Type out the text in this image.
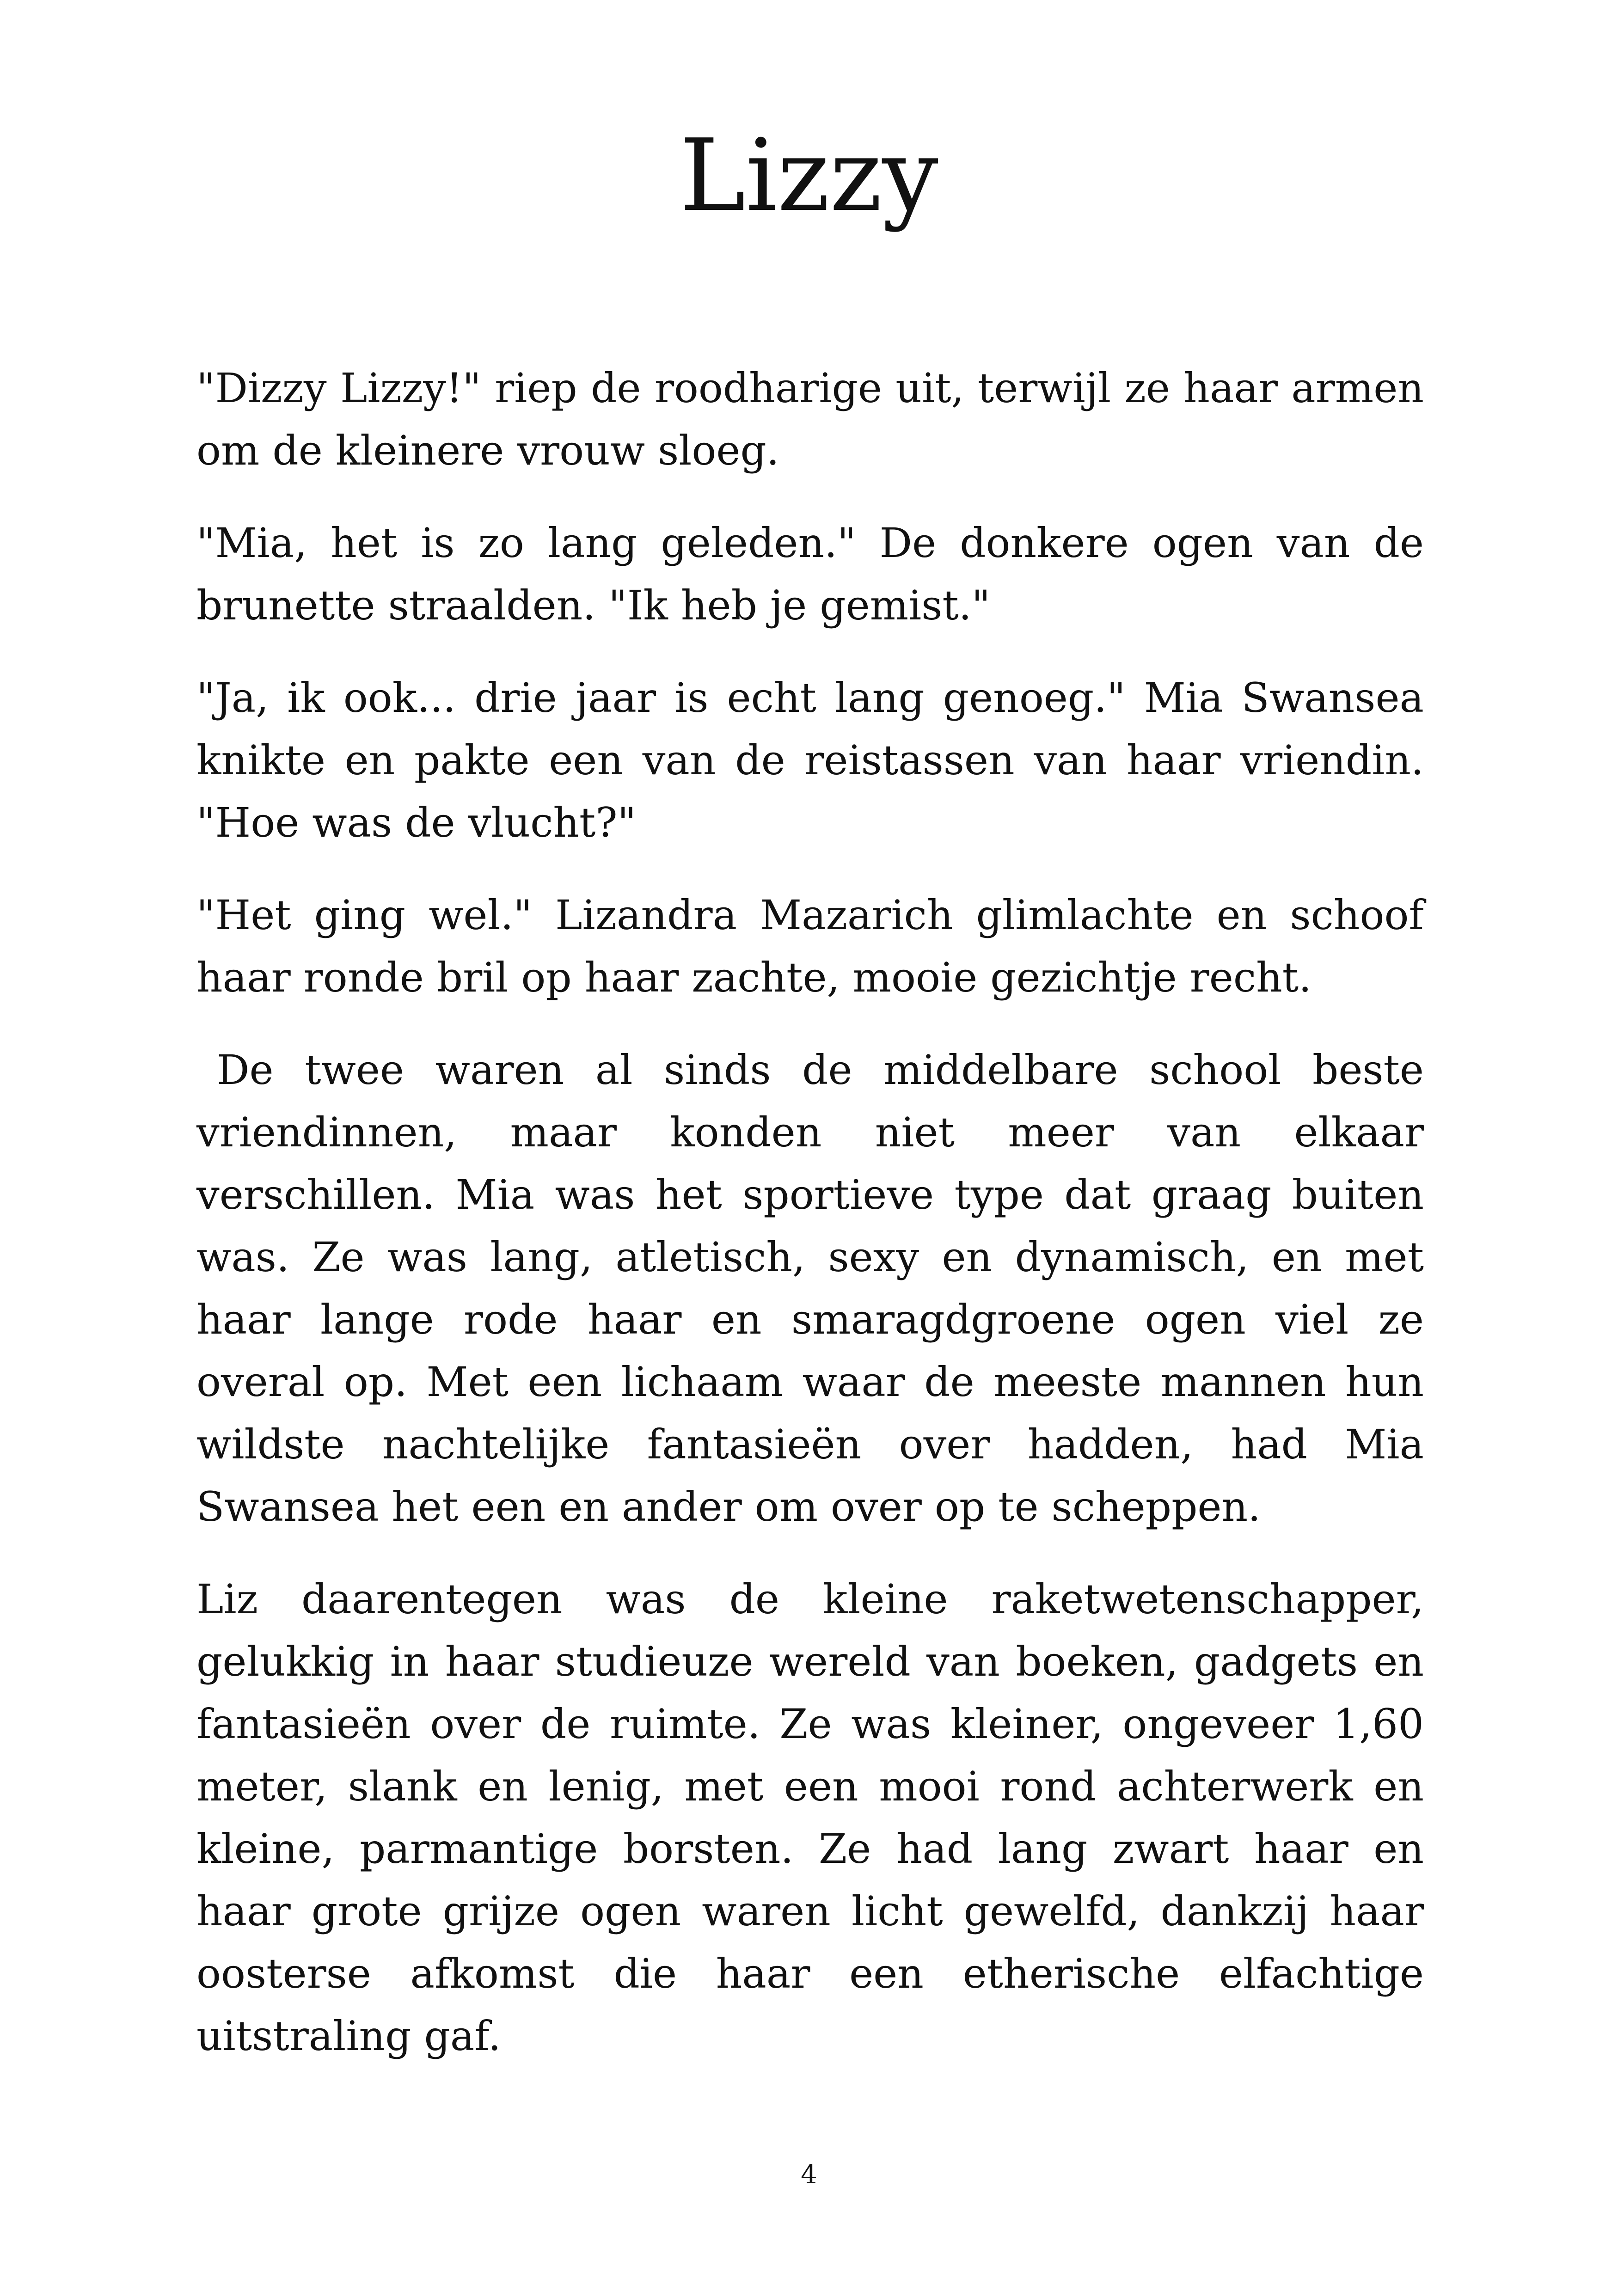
Lizzy

"Dizzy Lizzy!" riep de roodharige uit, terwijl ze haar armen om de kleinere vrouw sloeg.

"Mia, het is zo lang geleden." De donkere ogen van de brunette straalden. "Ik heb je gemist."

"Ja, ik ook... drie jaar is echt lang genoeg." Mia Swansea knikte en pakte een van de reistassen van haar vriendin. "Hoe was de vlucht?"

"Het ging wel." Lizandra Mazarich glimlachte en schoof haar ronde bril op haar zachte, mooie gezichtje recht.

De twee waren al sinds de middelbare school beste vriendinnen, maar konden niet meer van elkaar verschillen. Mia was het sportieve type dat graag buiten was. Ze was lang, atletisch, sexy en dynamisch, en met haar lange rode haar en smaragdgroene ogen viel ze overal op. Met een lichaam waar de meeste mannen hun wildste nachtelijke fantasieën over hadden, had Mia Swansea het een en ander om over op te scheppen.

Liz daarentegen was de kleine raketwetenschapper, gelukkig in haar studieuze wereld van boeken, gadgets en fantasieën over de ruimte. Ze was kleiner, ongeveer 1,60 meter, slank en lenig, met een mooi rond achterwerk en kleine, parmantige borsten. Ze had lang zwart haar en haar grote grijze ogen waren licht gewelfd, dankzij haar oosterse afkomst die haar een etherische elfachtige uitstraling gaf.

4
